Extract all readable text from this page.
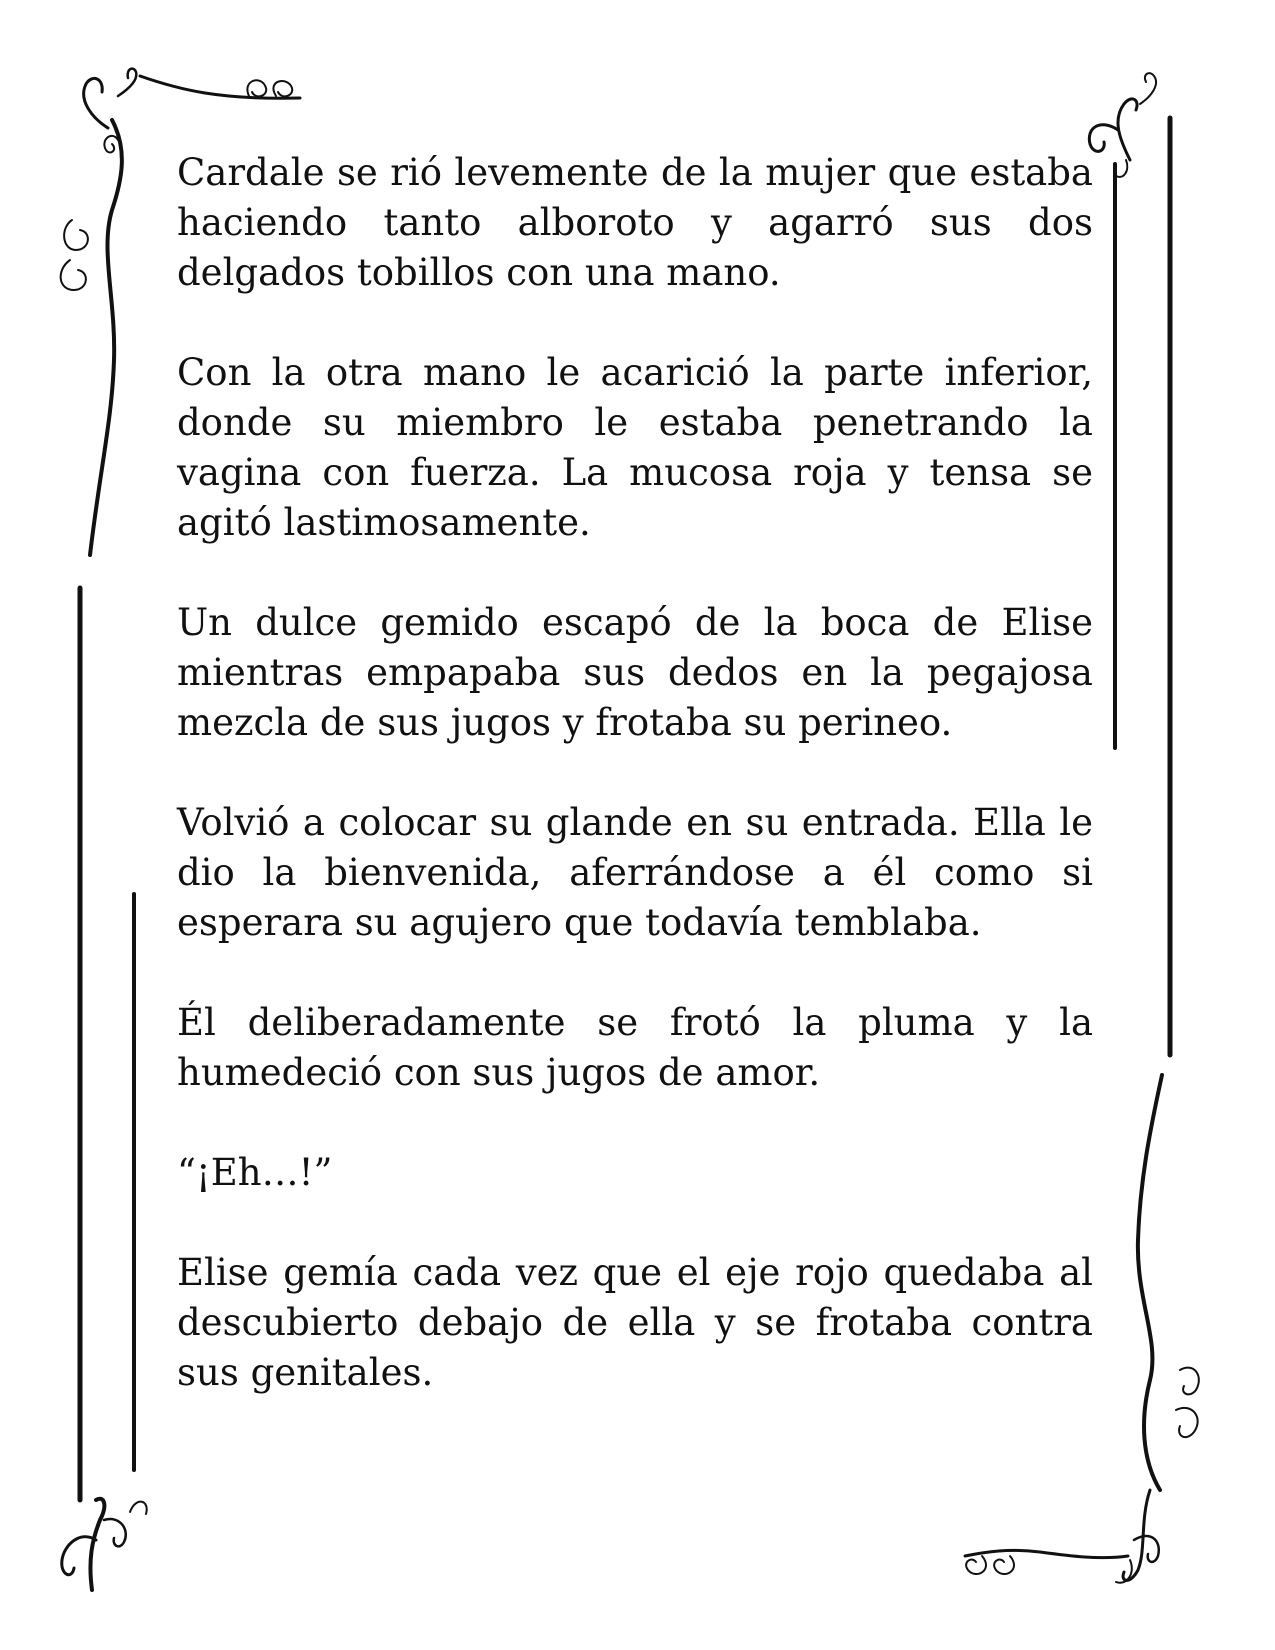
Cardale se rió levemente de la mujer que estaba haciendo tanto alboroto y agarró sus dos delgados tobillos con una mano.

Con la otra mano le acarició la parte inferior, donde su miembro le estaba penetrando la vagina con fuerza. La mucosa roja y tensa se agitó lastimosamente.

Un dulce gemido escapó de la boca de Elise mientras empapaba sus dedos en la pegajosa mezcla de sus jugos y frotaba su perineo.

Volvió a colocar su glande en su entrada. Ella le dio la bienvenida, aferrándose a él como si esperara su agujero que todavía temblaba.

Él deliberadamente se frotó la pluma y la humedeció con sus jugos de amor.

“¡Eh…!”

Elise gemía cada vez que el eje rojo quedaba al descubierto debajo de ella y se frotaba contra sus genitales.
